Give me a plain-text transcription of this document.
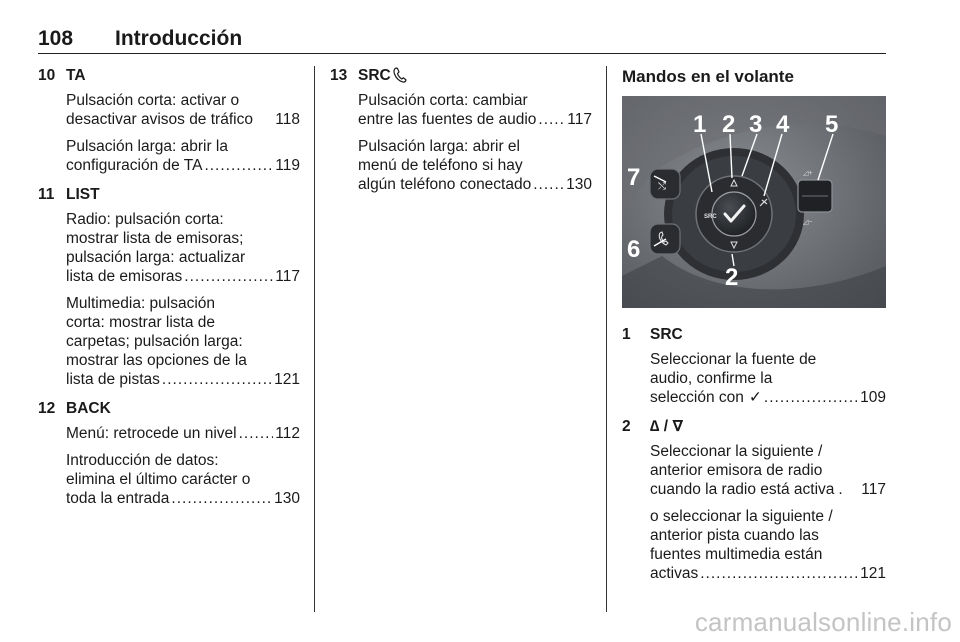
108 Introducción
10 TA
Pulsación corta: activar o
desactivar avisos de tráfico 118
Pulsación larga: abrir la
configuración de TA .....	119
11 LIST
Radio: pulsación corta:
mostrar lista de emisoras;
pulsación larga: actualizar
lista de emisoras .....	117
Multimedia: pulsación
corta: mostrar lista de
carpetas; pulsación larga:
mostrar las opciones de la
lista de pistas .....	121
12 BACK
Menú: retrocede un nivel ..... 112
Introducción de datos:
elimina el último carácter o
toda la entrada .....	130
13 SRC
Pulsación corta: cambiar
entre las fuentes de audio ..... 117
Pulsación larga: abrir el
menú de teléfono si hay
algún teléfono conectado ..... 130
Mandos en el volante
SRC
⤭
◿+
◿−
1 2 3 4 5
6
7
2
1	SRC
Seleccionar la fuente de
audio, confirme la
selección con ✓ .....	109
2	∆ / ∇
Seleccionar la siguiente /
anterior emisora de radio
cuando la radio está activa . 117
o seleccionar la siguiente /
anterior pista cuando las
fuentes multimedia están
activas .....	121
carmanualsonline.info
